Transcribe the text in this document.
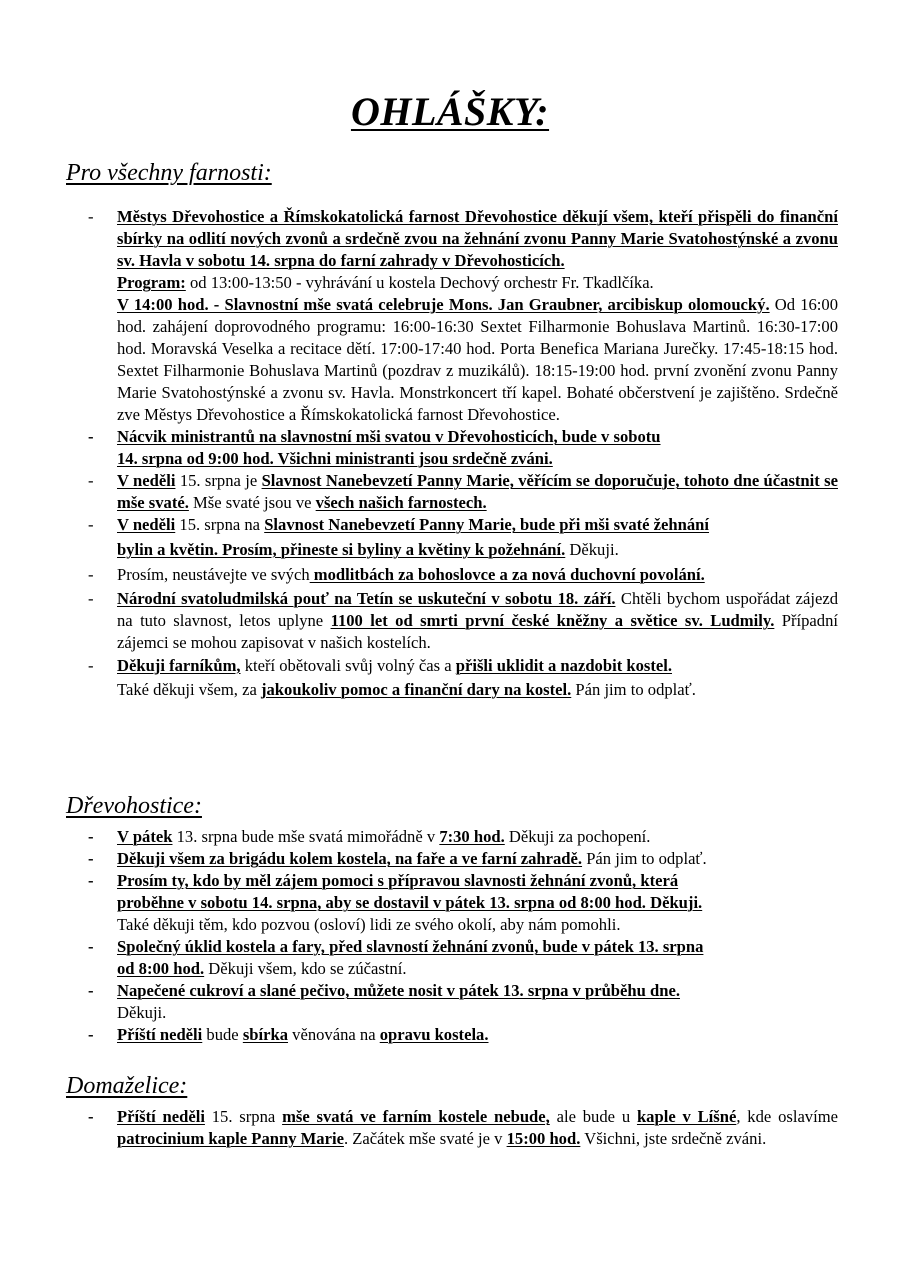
OHLÁŠKY:
Pro všechny farnosti:
- Městys Dřevohostice a Římskokatolická farnost Dřevohostice děkují všem, kteří přispěli do finanční sbírky na odlití nových zvonů a srdečně zvou na žehnání zvonu Panny Marie Svatohostýnské a zvonu sv. Havla v sobotu 14. srpna do farní zahrady v Dřevohosticích.
Program: od 13:00-13:50 - vyhrávání u kostela Dechový orchestr Fr. Tkadlčíka.
V 14:00 hod. - Slavnostní mše svatá celebruje Mons. Jan Graubner, arcibiskup olomoucký. Od 16:00 hod. zahájení doprovodného programu: 16:00-16:30 Sextet Filharmonie Bohuslava Martinů. 16:30-17:00 hod. Moravská Veselka a recitace dětí. 17:00-17:40 hod. Porta Benefica Mariana Jurečky. 17:45-18:15 hod. Sextet Filharmonie Bohuslava Martinů (pozdrav z muzikálů). 18:15-19:00 hod. první zvonění zvonu Panny Marie Svatohostýnské a zvonu sv. Havla. Monstrkoncert tří kapel. Bohaté občerstvení je zajištěno. Srdečně zve Městys Dřevohostice a Římskokatolická farnost Dřevohostice.
- Nácvik ministrantů na slavnostní mši svatou v Dřevohosticích, bude v sobotu
14. srpna od 9:00 hod. Všichni ministranti jsou srdečně zváni.
- V neděli 15. srpna je Slavnost Nanebevzetí Panny Marie, věřícím se doporučuje, tohoto dne účastnit se mše svaté. Mše svaté jsou ve všech našich farnostech.
- V neděli 15. srpna na Slavnost Nanebevzetí Panny Marie, bude při mši svaté žehnání
bylin a květin. Prosím, přineste si byliny a květiny k požehnání. Děkuji.
- Prosím, neustávejte ve svých modlitbách za bohoslovce a za nová duchovní povolání.
- Národní svatoludmilská pouť na Tetín se uskuteční v sobotu 18. září. Chtěli bychom uspořádat zájezd na tuto slavnost, letos uplyne 1100 let od smrti první české kněžny a světice sv. Ludmily. Případní zájemci se mohou zapisovat v našich kostelích.
- Děkuji farníkům, kteří obětovali svůj volný čas a přišli uklidit a nazdobit kostel.
Také děkuji všem, za jakoukoliv pomoc a finanční dary na kostel. Pán jim to odplať.
Dřevohostice:
- V pátek 13. srpna bude mše svatá mimořádně v 7:30 hod. Děkuji za pochopení.
- Děkuji všem za brigádu kolem kostela, na faře a ve farní zahradě. Pán jim to odplať.
- Prosím ty, kdo by měl zájem pomoci s přípravou slavnosti žehnání zvonů, která
proběhne v sobotu 14. srpna, aby se dostavil v pátek 13. srpna od 8:00 hod. Děkuji.
Také děkuji těm, kdo pozvou (osloví) lidi ze svého okolí, aby nám pomohli.
- Společný úklid kostela a fary, před slavností žehnání zvonů, bude v pátek 13. srpna
od 8:00 hod. Děkuji všem, kdo se zúčastní.
- Napečené cukroví a slané pečivo, můžete nosit v pátek 13. srpna v průběhu dne.
Děkuji.
- Příští neděli bude sbírka věnována na opravu kostela.
Domaželice:
- Příští neděli 15. srpna mše svatá ve farním kostele nebude, ale bude u kaple v Líšné, kde oslavíme patrocinium kaple Panny Marie. Začátek mše svaté je v 15:00 hod. Všichni, jste srdečně zváni.
